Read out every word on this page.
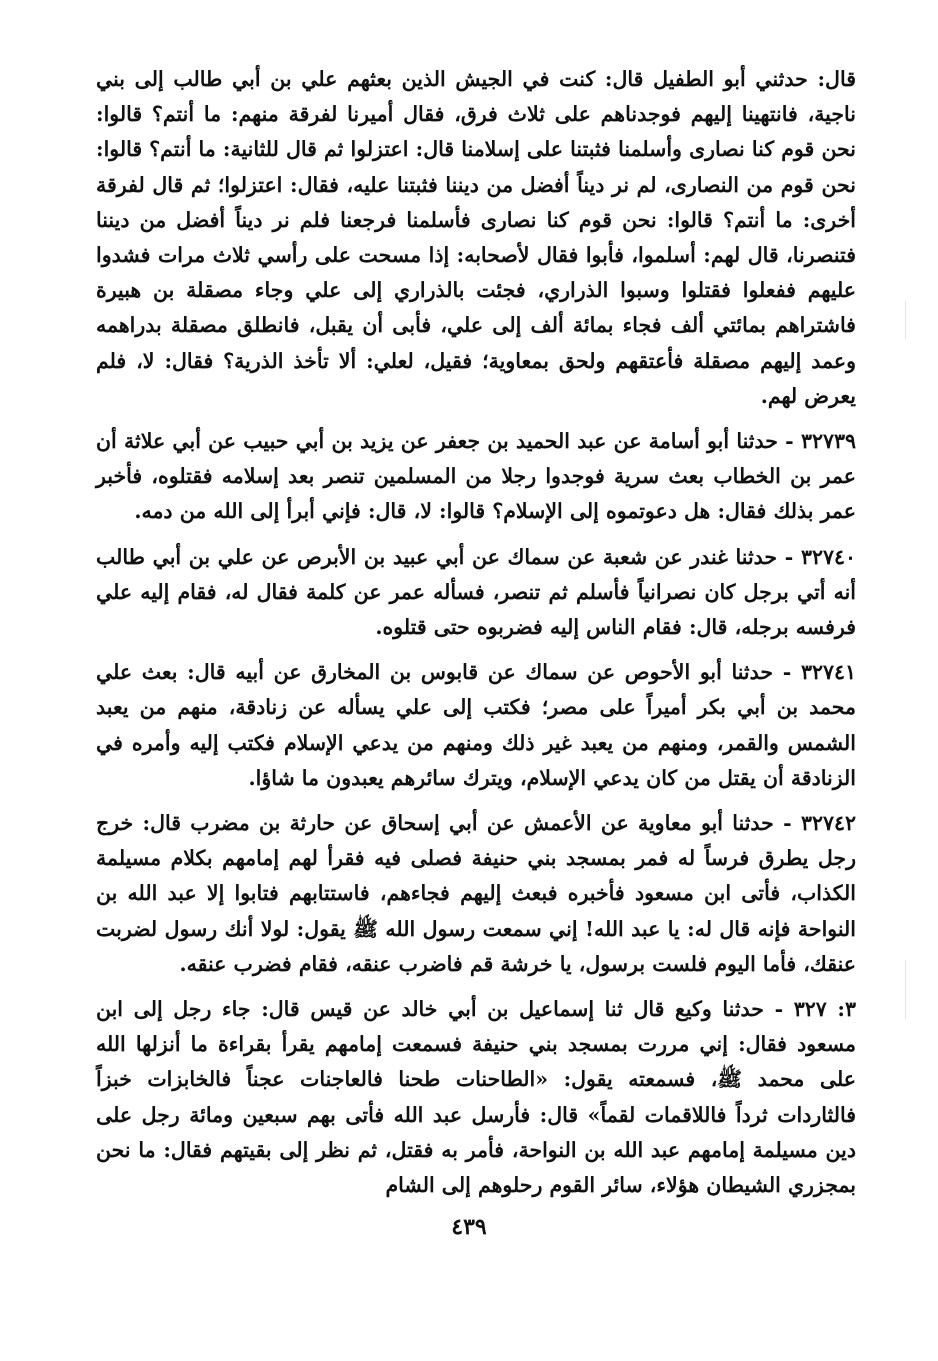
قال: حدثني أبو الطفيل قال: كنت في الجيش الذين بعثهم علي بن أبي طالب إلى بني ناجية، فانتهينا إليهم فوجدناهم على ثلاث فرق، فقال أميرنا لفرقة منهم: ما أنتم؟ قالوا: نحن قوم كنا نصارى وأسلمنا فثبتنا على إسلامنا قال: اعتزلوا ثم قال للثانية: ما أنتم؟ قالوا: نحن قوم من النصارى، لم نر ديناً أفضل من ديننا فثبتنا عليه، فقال: اعتزلوا؛ ثم قال لفرقة أخرى: ما أنتم؟ قالوا: نحن قوم كنا نصارى فأسلمنا فرجعنا فلم نر ديناً أفضل من ديننا فتنصرنا، قال لهم: أسلموا، فأبوا فقال لأصحابه: إذا مسحت على رأسي ثلاث مرات فشدوا عليهم ففعلوا فقتلوا وسبوا الذراري، فجئت بالذراري إلى علي وجاء مصقلة بن هبيرة فاشتراهم بمائتي ألف فجاء بمائة ألف إلى علي، فأبى أن يقبل، فانطلق مصقلة بدراهمه وعمد إليهم مصقلة فأعتقهم ولحق بمعاوية؛ فقيل، لعلي: ألا تأخذ الذرية؟ فقال: لا، فلم يعرض لهم.

٣٢٧٣٩ - حدثنا أبو أسامة عن عبد الحميد بن جعفر عن يزيد بن أبي حبيب عن أبي علاثة أن عمر بن الخطاب بعث سرية فوجدوا رجلا من المسلمين تنصر بعد إسلامه فقتلوه، فأخبر عمر بذلك فقال: هل دعوتموه إلى الإسلام؟ قالوا: لا، قال: فإني أبرأ إلى الله من دمه.

٣٢٧٤٠ - حدثنا غندر عن شعبة عن سماك عن أبي عبيد بن الأبرص عن علي بن أبي طالب أنه أتي برجل كان نصرانياً فأسلم ثم تنصر، فسأله عمر عن كلمة فقال له، فقام إليه علي فرفسه برجله، قال: فقام الناس إليه فضربوه حتى قتلوه.

٣٢٧٤١ - حدثنا أبو الأحوص عن سماك عن قابوس بن المخارق عن أبيه قال: بعث علي محمد بن أبي بكر أميراً على مصر؛ فكتب إلى علي يسأله عن زنادقة، منهم من يعبد الشمس والقمر، ومنهم من يعبد غير ذلك ومنهم من يدعي الإسلام فكتب إليه وأمره في الزنادقة أن يقتل من كان يدعي الإسلام، ويترك سائرهم يعبدون ما شاؤا.

٣٢٧٤٢ - حدثنا أبو معاوية عن الأعمش عن أبي إسحاق عن حارثة بن مضرب قال: خرج رجل يطرق فرساً له فمر بمسجد بني حنيفة فصلى فيه فقرأ لهم إمامهم بكلام مسيلمة الكذاب، فأتى ابن مسعود فأخبره فبعث إليهم فجاءهم، فاستتابهم فتابوا إلا عبد الله بن النواحة فإنه قال له: يا عبد الله! إني سمعت رسول الله ﷺ يقول: لولا أنك رسول لضربت عنقك، فأما اليوم فلست برسول، يا خرشة قم فاضرب عنقه، فقام فضرب عنقه.

٣: ٣٢٧ - حدثنا وكيع قال ثنا إسماعيل بن أبي خالد عن قيس قال: جاء رجل إلى ابن مسعود فقال: إني مررت بمسجد بني حنيفة فسمعت إمامهم يقرأ بقراءة ما أنزلها الله على محمد ﷺ، فسمعته يقول: «الطاحنات طحنا فالعاجنات عجناً فالخابزات خبزاً فالثاردات ثرداً فاللاقمات لقماً» قال: فأرسل عبد الله فأتى بهم سبعين ومائة رجل على دين مسيلمة إمامهم عبد الله بن النواحة، فأمر به فقتل، ثم نظر إلى بقيتهم فقال: ما نحن بمجزري الشيطان هؤلاء، سائر القوم رحلوهم إلى الشام

٤٣٩
